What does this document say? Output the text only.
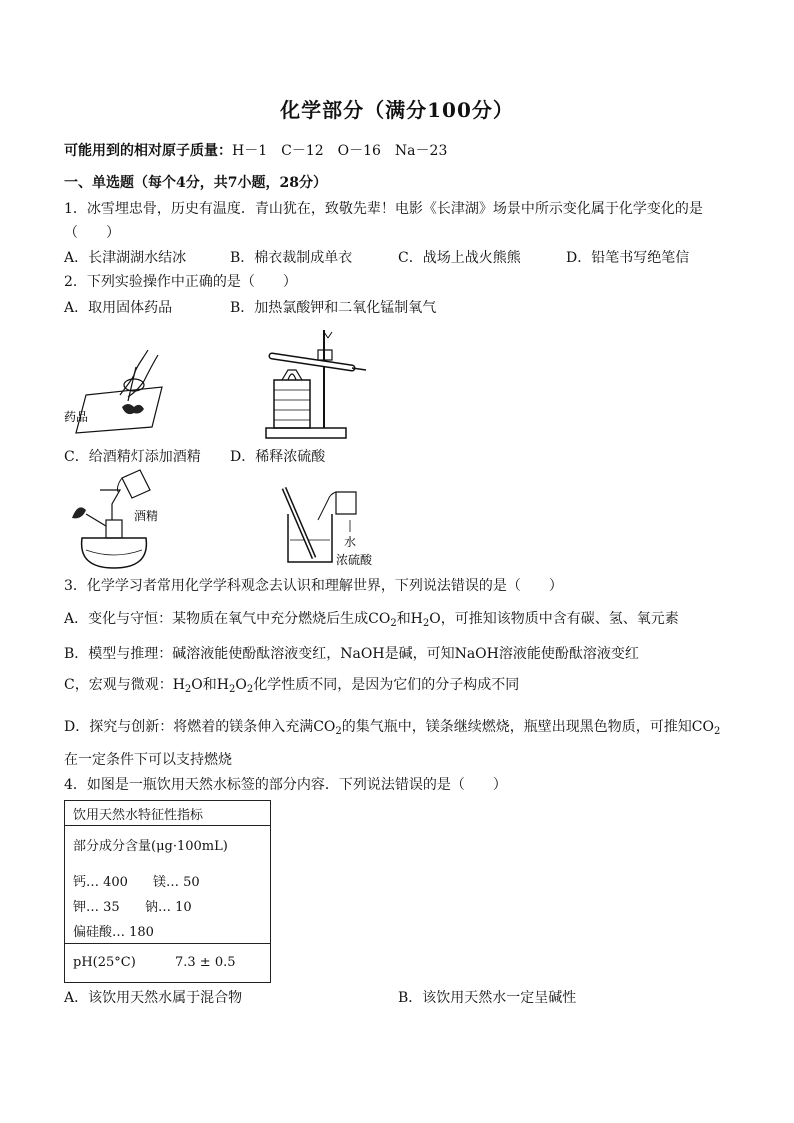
化学部分（满分100分）
可能用到的相对原子质量：H－1　C－12　O－16　Na－23
一、单选题（每个4分，共7小题，28分）
1．冰雪埋忠骨，历史有温度．青山犹在，致敬先辈！电影《长津湖》场景中所示变化属于化学变化的是
（　　）
A．长津湖湖水结冰	B．棉衣裁制成单衣	C．战场上战火熊熊	D．铅笔书写绝笔信
2．下列实验操作中正确的是（　　）
A．取用固体药品	B．加热氯酸钾和二氧化锰制氧气
药品
C．给酒精灯添加酒精 D．稀释浓硫酸
酒精
水
浓硫酸
3．化学学习者常用化学学科观念去认识和理解世界，下列说法错误的是（　　）
A．变化与守恒：某物质在氧气中充分燃烧后生成$CO_2$和$H_2O$，可推知该物质中含有碳、氢、氧元素
B．模型与推理：碱溶液能使酚酞溶液变红，NaOH是碱，可知NaOH溶液能使酚酞溶液变红
C，宏观与微观：$H_2O$和$H_2O_2$化学性质不同，是因为它们的分子构成不同
D．探究与创新：将燃着的镁条伸入充满$CO_2$的集气瓶中，镁条继续燃烧，瓶壁出现黑色物质，可推知$CO_2$
在一定条件下可以支持燃烧
4．如图是一瓶饮用天然水标签的部分内容．下列说法错误的是（　　）
饮用天然水特征性指标
部分成分含量(μg·100mL)
钙… 400 镁… 50
钾… 35 钠… 10
偏硅酸… 180
pH(25°C)	7.3 ± 0.5
A．该饮用天然水属于混合物	B．该饮用天然水一定呈碱性
